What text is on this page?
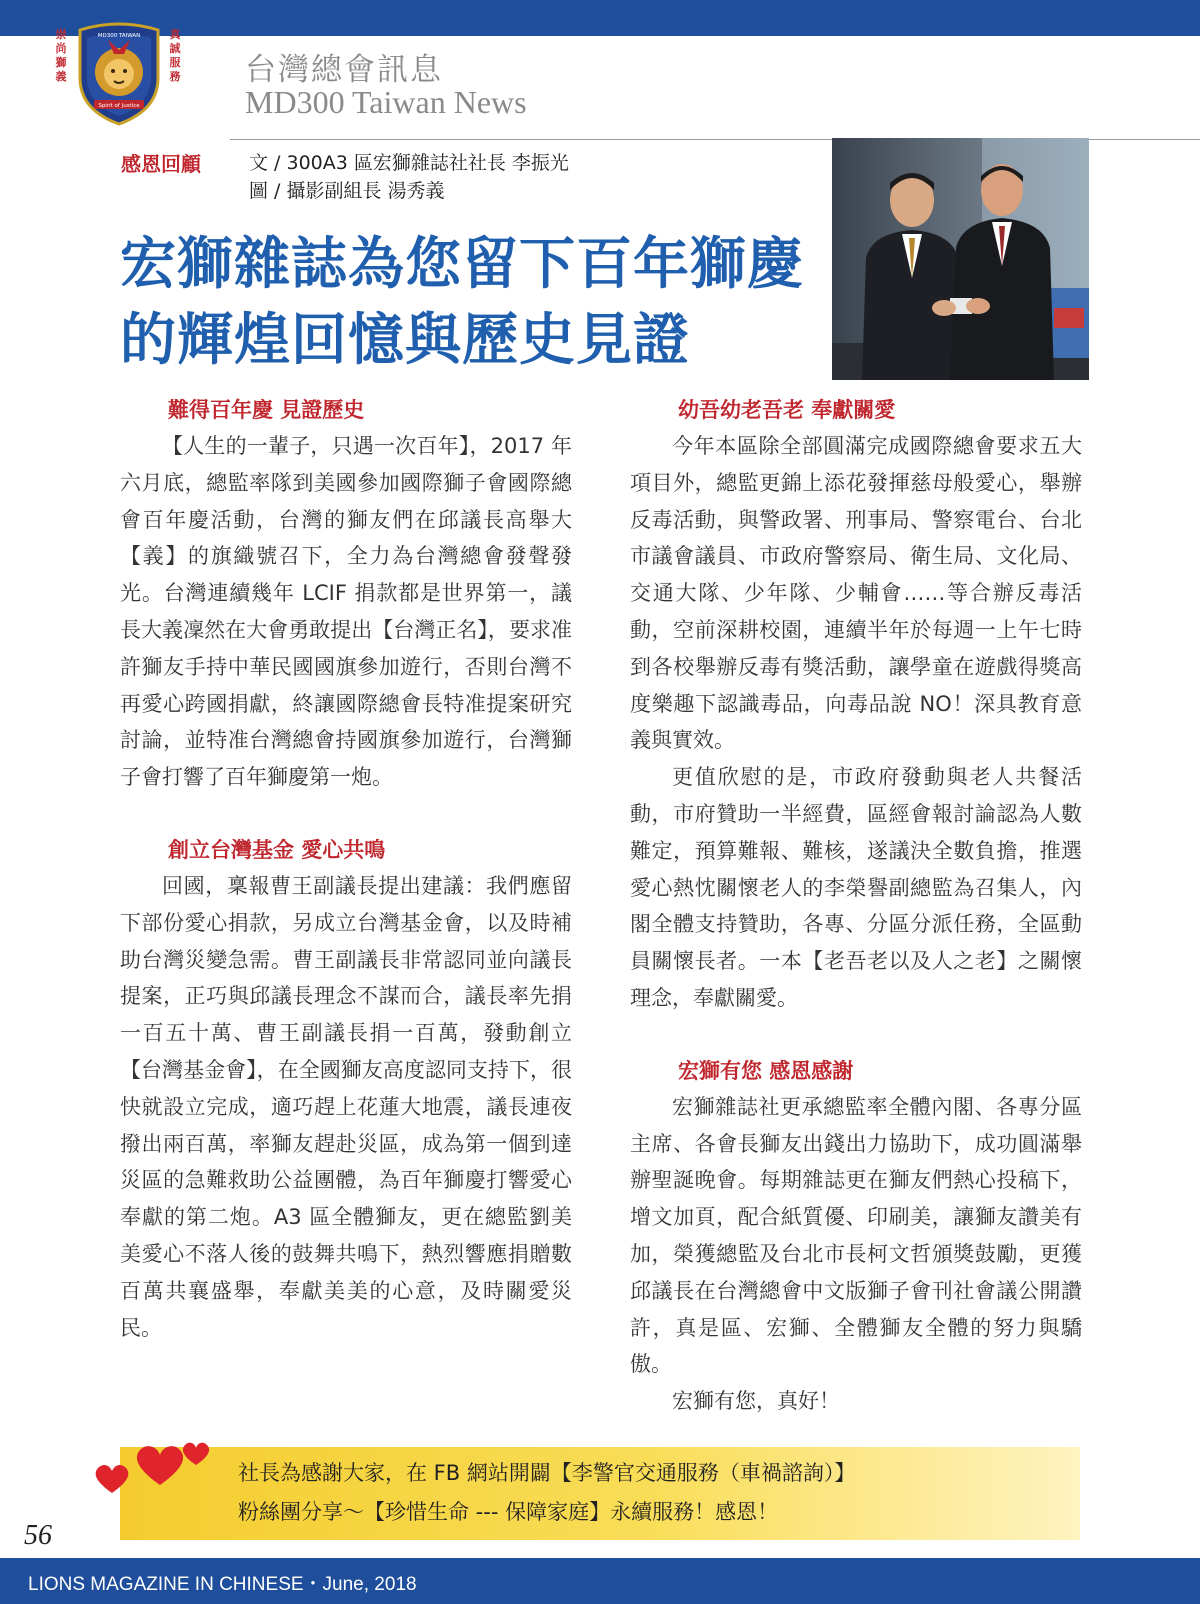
崇尚獅義
MD300 TAIWAN
Spirit of Justice
真誠服務 台灣總會訊息
MD300 Taiwan News
感恩回顧	文 / 300A3 區宏獅雜誌社社長 李振光
圖 / 攝影副組長 湯秀義
宏獅雜誌為您留下百年獅慶
的輝煌回憶與歷史見證
難得百年慶 見證歷史

【人生的一輩子，只遇一次百年】，2017 年六月底，總監率隊到美國參加國際獅子會國際總會百年慶活動，台灣的獅友們在邱議長高舉大【義】的旗織號召下，全力為台灣總會發聲發光。台灣連續幾年 LCIF 捐款都是世界第一，議長大義凜然在大會勇敢提出【台灣正名】，要求准許獅友手持中華民國國旗參加遊行，否則台灣不再愛心跨國捐獻，終讓國際總會長特准提案研究討論，並特准台灣總會持國旗參加遊行，台灣獅子會打響了百年獅慶第一炮。

創立台灣基金 愛心共鳴

回國，稟報曹王副議長提出建議：我們應留下部份愛心捐款，另成立台灣基金會，以及時補助台灣災變急需。曹王副議長非常認同並向議長提案，正巧與邱議長理念不謀而合，議長率先捐一百五十萬、曹王副議長捐一百萬，發動創立【台灣基金會】，在全國獅友高度認同支持下，很快就設立完成，適巧趕上花蓮大地震，議長連夜撥出兩百萬，率獅友趕赴災區，成為第一個到達災區的急難救助公益團體，為百年獅慶打響愛心奉獻的第二炮。A3 區全體獅友，更在總監劉美美愛心不落人後的鼓舞共鳴下，熱烈響應捐贈數百萬共襄盛舉，奉獻美美的心意，及時關愛災民。

幼吾幼老吾老 奉獻關愛

今年本區除全部圓滿完成國際總會要求五大項目外，總監更錦上添花發揮慈母般愛心，舉辦反毒活動，與警政署、刑事局、警察電台、台北市議會議員、市政府警察局、衛生局、文化局、交通大隊、少年隊、少輔會……等合辦反毒活動，空前深耕校園，連續半年於每週一上午七時到各校舉辦反毒有獎活動，讓學童在遊戲得獎高度樂趣下認識毒品，向毒品說 NO！深具教育意義與實效。

更值欣慰的是，市政府發動與老人共餐活動，市府贊助一半經費，區經會報討論認為人數難定，預算難報、難核，遂議決全數負擔，推選愛心熱忱關懷老人的李榮譽副總監為召集人，內閣全體支持贊助，各專、分區分派任務，全區動員關懷長者。一本【老吾老以及人之老】之關懷理念，奉獻關愛。

宏獅有您 感恩感謝

宏獅雜誌社更承總監率全體內閣、各專分區主席、各會長獅友出錢出力協助下，成功圓滿舉辦聖誕晚會。每期雜誌更在獅友們熱心投稿下，增文加頁，配合紙質優、印刷美，讓獅友讚美有加，榮獲總監及台北市長柯文哲頒獎鼓勵，更獲邱議長在台灣總會中文版獅子會刊社會議公開讚許，真是區、宏獅、全體獅友全體的努力與驕傲。

宏獅有您，真好！

社長為感謝大家，在 FB 網站開闢【李警官交通服務（車禍諮詢）】
粉絲團分享～【珍惜生命 --- 保障家庭】永續服務！感恩！
56
LIONS MAGAZINE IN CHINESE・June, 2018
